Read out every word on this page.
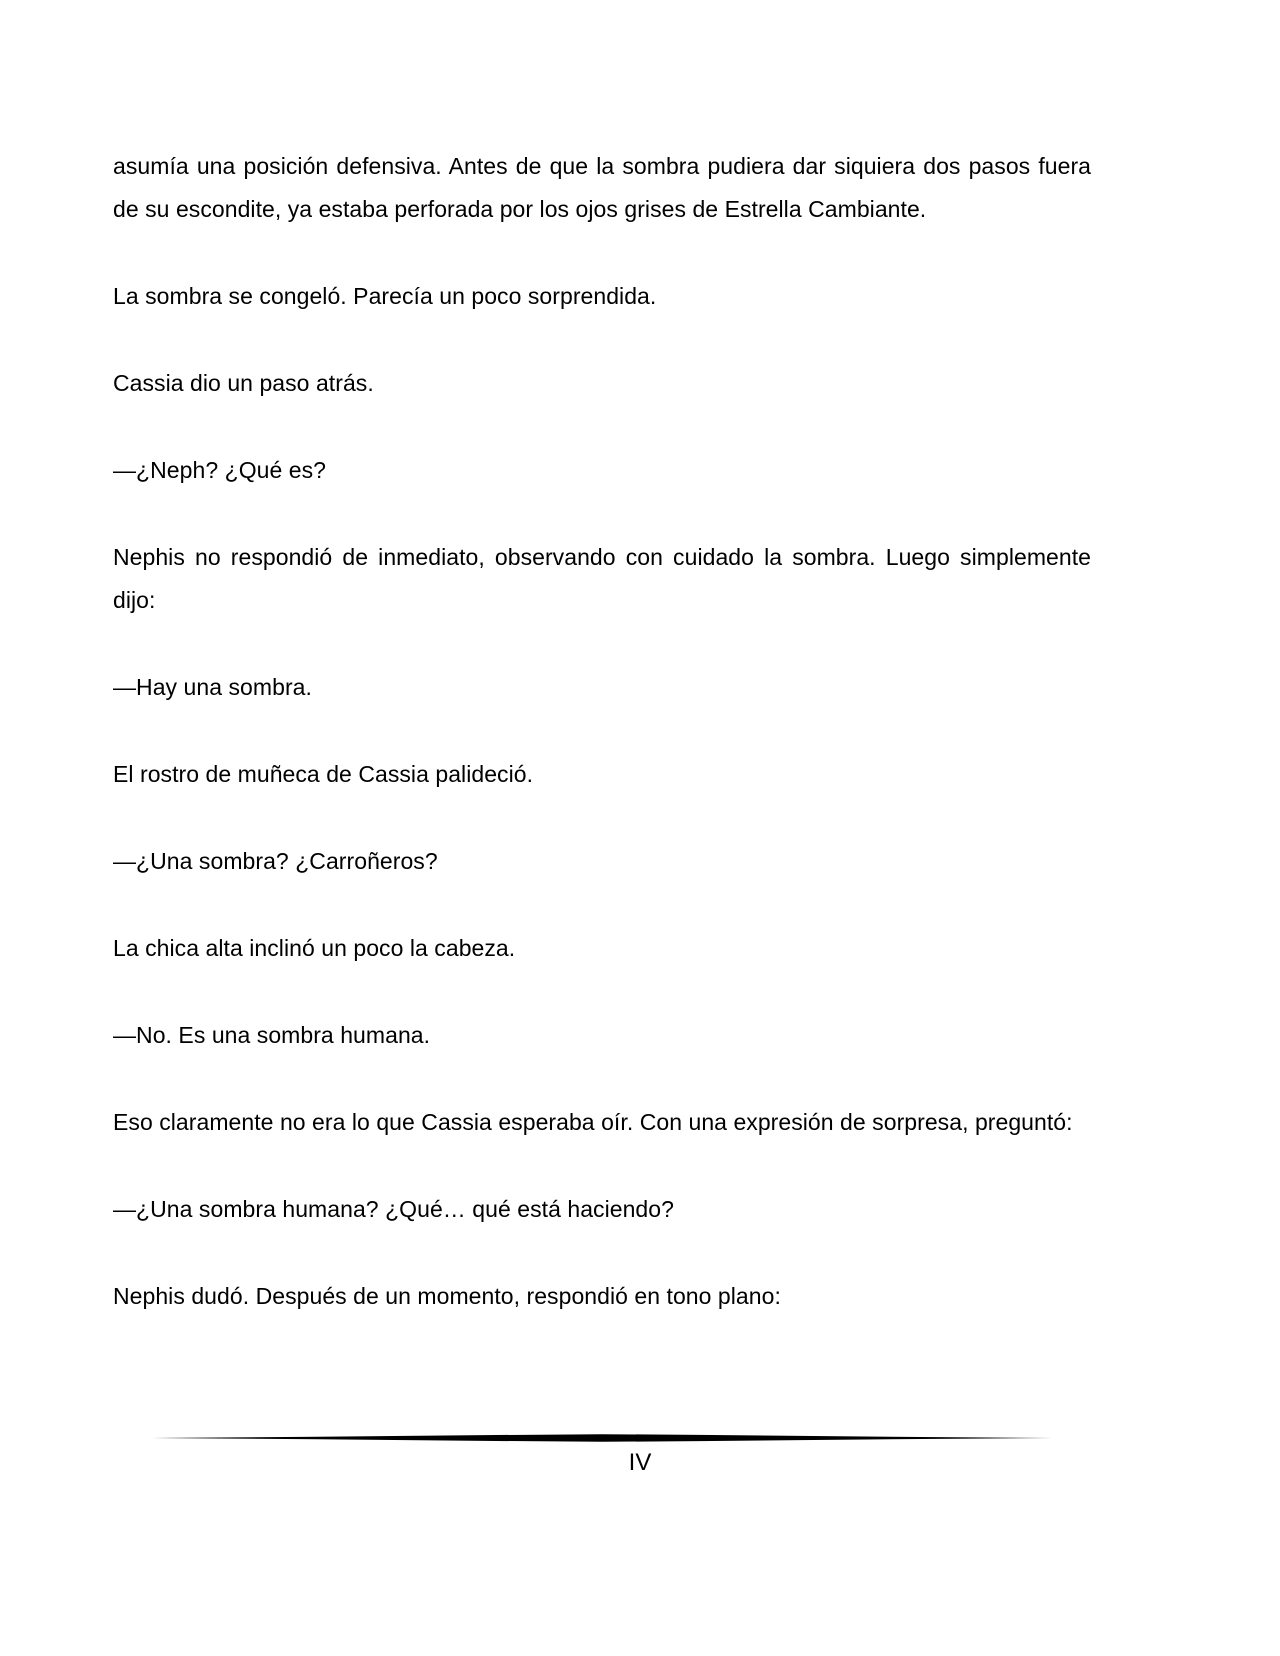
asumía una posición defensiva. Antes de que la sombra pudiera dar siquiera dos pasos fuera de su escondite, ya estaba perforada por los ojos grises de Estrella Cambiante.

La sombra se congeló. Parecía un poco sorprendida.

Cassia dio un paso atrás.

—¿Neph? ¿Qué es?

Nephis no respondió de inmediato, observando con cuidado la sombra. Luego simplemente dijo:

—Hay una sombra.

El rostro de muñeca de Cassia palideció.

—¿Una sombra? ¿Carroñeros?

La chica alta inclinó un poco la cabeza.

—No. Es una sombra humana.

Eso claramente no era lo que Cassia esperaba oír. Con una expresión de sorpresa, preguntó:

—¿Una sombra humana? ¿Qué… qué está haciendo?

Nephis dudó. Después de un momento, respondió en tono plano:

IV
